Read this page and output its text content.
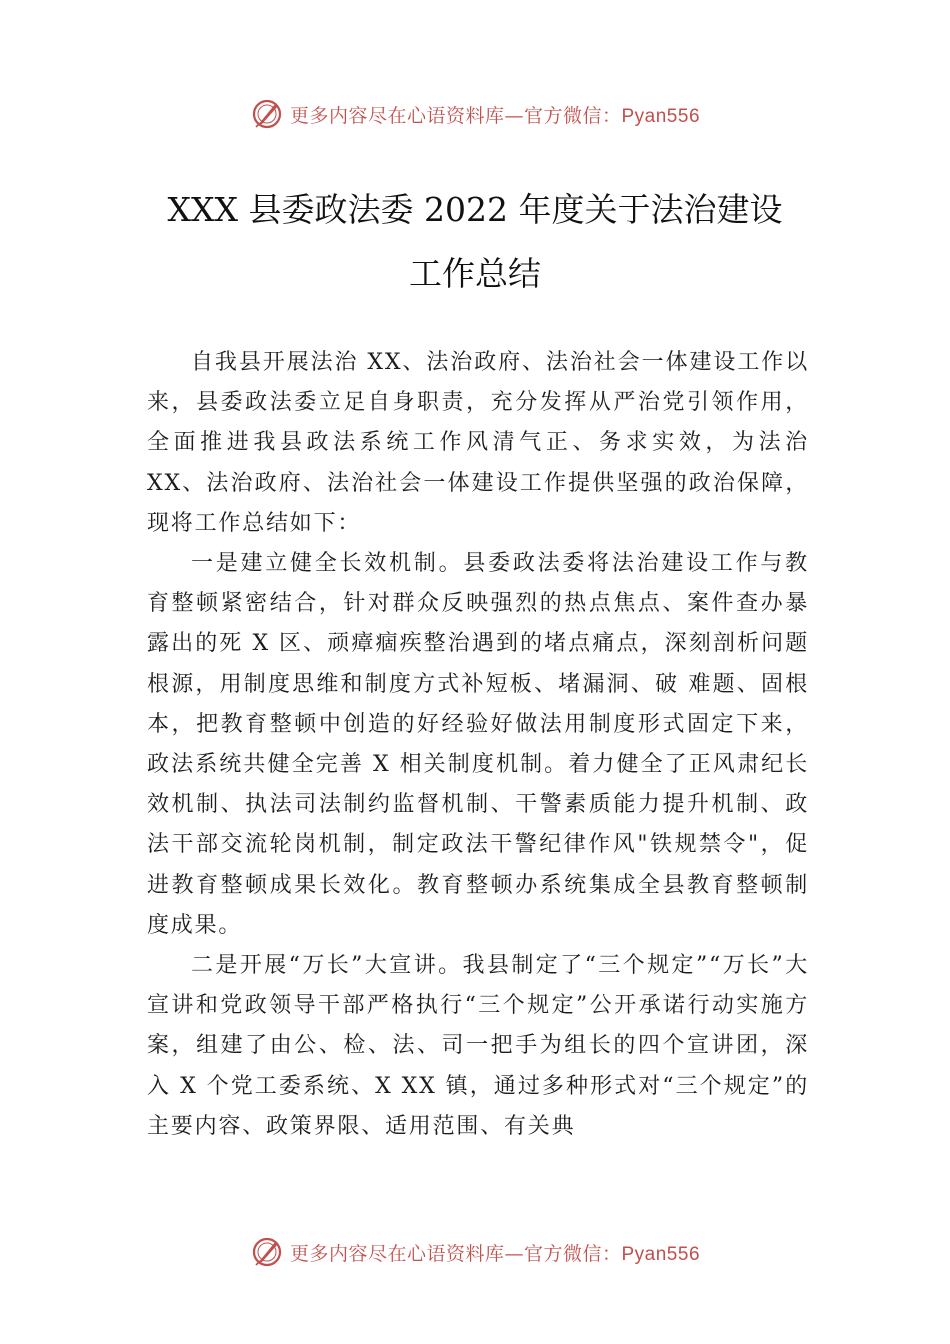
更多内容尽在心语资料库—官方微信：Pyan556
XXX 县委政法委 2022 年度关于法治建设
工作总结

自我县开展法治 XX、法治政府、法治社会一体建设工作以来，县委政法委立足自身职责，充分发挥从严治党引领作用，全面推进我县政法系统工作风清气正、务求实效，为法治 XX、法治政府、法治社会一体建设工作提供坚强的政治保障，现将工作总结如下：

一是建立健全长效机制。县委政法委将法治建设工作与教育整顿紧密结合，针对群众反映强烈的热点焦点、案件查办暴露出的死 X 区、顽瘴痼疾整治遇到的堵点痛点，深刻剖析问题根源，用制度思维和制度方式补短板、堵漏洞、破 难题、固根本，把教育整顿中创造的好经验好做法用制度形式固定下来，政法系统共健全完善 X 相关制度机制。着力健全了正风肃纪长效机制、执法司法制约监督机制、干警素质能力提升机制、政法干部交流轮岗机制，制定政法干警纪律作风"铁规禁令"，促进教育整顿成果长效化。教育整顿办系统集成全县教育整顿制度成果。

二是开展“万长”大宣讲。我县制定了“三个规定”“万长”大宣讲和党政领导干部严格执行“三个规定”公开承诺行动实施方案，组建了由公、检、法、司一把手为组长的四个宣讲团，深入 X 个党工委系统、X XX 镇，通过多种形式对“三个规定”的主要内容、政策界限、适用范围、有关典

更多内容尽在心语资料库—官方微信：Pyan556
